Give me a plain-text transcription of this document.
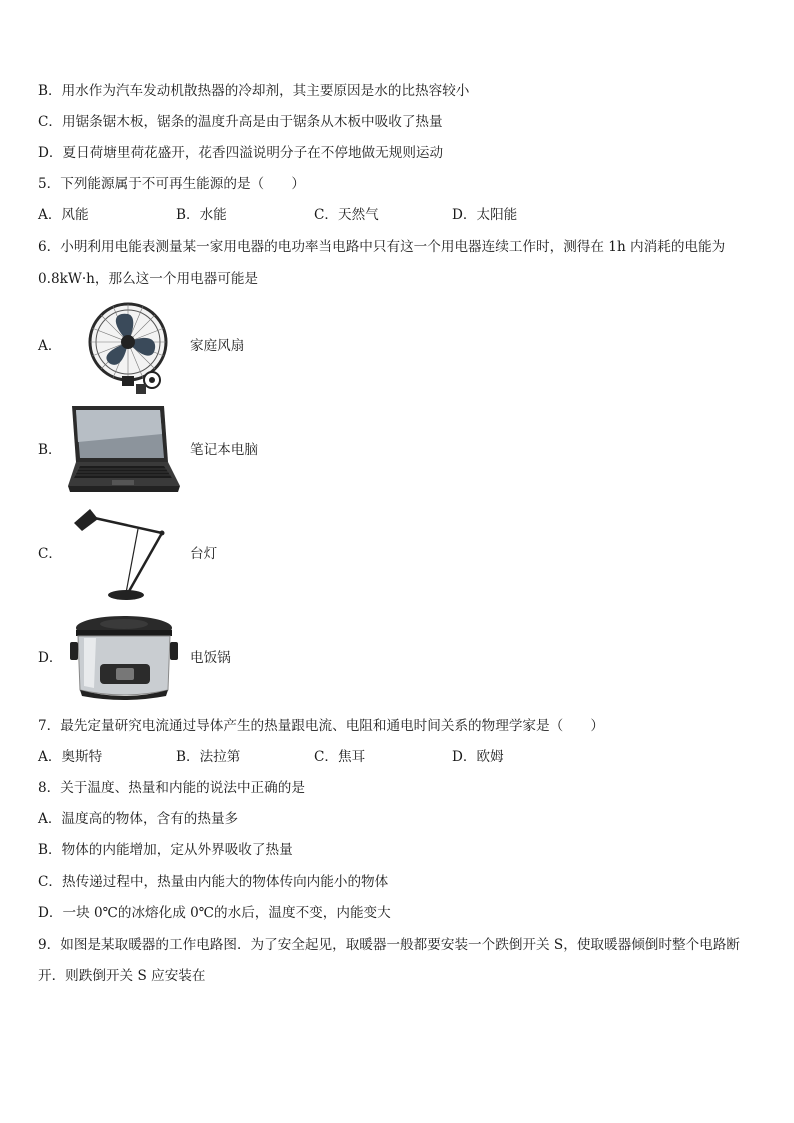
B．用水作为汽车发动机散热器的冷却剂，其主要原因是水的比热容较小
C．用锯条锯木板，锯条的温度升高是由于锯条从木板中吸收了热量
D．夏日荷塘里荷花盛开，花香四溢说明分子在不停地做无规则运动
5．下列能源属于不可再生能源的是（　　）
A．风能	B．水能	C．天然气	D．太阳能
6．小明利用电能表测量某一家用电器的电功率当电路中只有这一个用电器连续工作时，测得在 1h 内消耗的电能为
0.8kW·h，那么这一个用电器可能是
A．	家庭风扇
B．	笔记本电脑
C．	台灯
D．	电饭锅
7．最先定量研究电流通过导体产生的热量跟电流、电阻和通电时间关系的物理学家是（　　）
A．奥斯特	B．法拉第	C．焦耳	D．欧姆
8．关于温度、热量和内能的说法中正确的是
A．温度高的物体，含有的热量多
B．物体的内能增加，定从外界吸收了热量
C．热传递过程中，热量由内能大的物体传向内能小的物体
D．一块 0℃的冰熔化成 0℃的水后，温度不变，内能变大
9．如图是某取暖器的工作电路图．为了安全起见，取暖器一般都要安装一个跌倒开关 S，使取暖器倾倒时整个电路断
开．则跌倒开关 S 应安装在
